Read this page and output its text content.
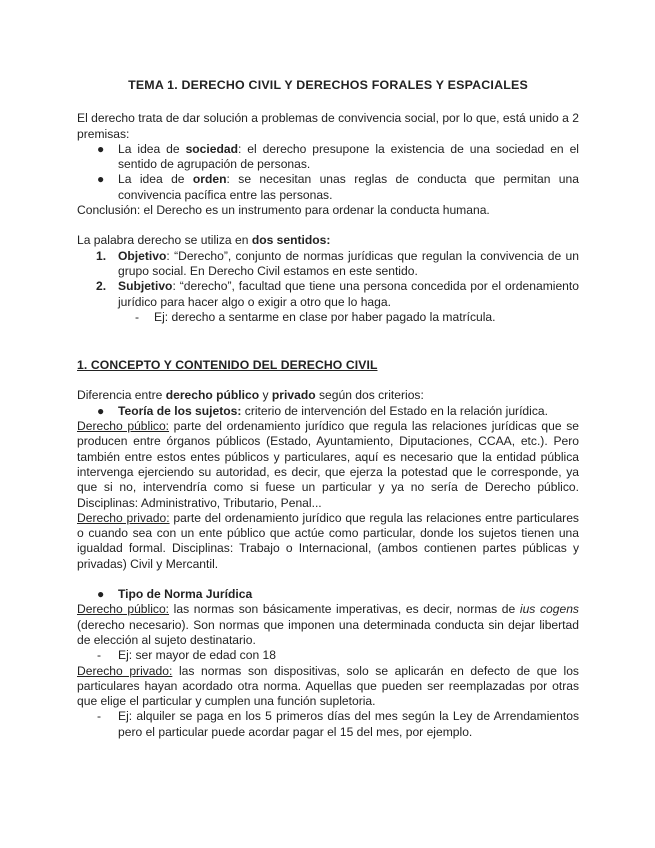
TEMA 1. DERECHO CIVIL Y DERECHOS FORALES Y ESPACIALES

El derecho trata de dar solución a problemas de convivencia social, por lo que, está unido a 2 premisas:

● La idea de sociedad: el derecho presupone la existencia de una sociedad en el sentido de agrupación de personas.
● La idea de orden: se necesitan unas reglas de conducta que permitan una convivencia pacífica entre las personas.

Conclusión: el Derecho es un instrumento para ordenar la conducta humana.

La palabra derecho se utiliza en dos sentidos:

1. Objetivo: “Derecho”, conjunto de normas jurídicas que regulan la convivencia de un grupo social. En Derecho Civil estamos en este sentido.
2. Subjetivo: “derecho”, facultad que tiene una persona concedida por el ordenamiento jurídico para hacer algo o exigir a otro que lo haga.
- Ej: derecho a sentarme en clase por haber pagado la matrícula.

1. CONCEPTO Y CONTENIDO DEL DERECHO CIVIL

Diferencia entre derecho público y privado según dos criterios:

● Teoría de los sujetos: criterio de intervención del Estado en la relación jurídica.

Derecho público: parte del ordenamiento jurídico que regula las relaciones jurídicas que se producen entre órganos públicos (Estado, Ayuntamiento, Diputaciones, CCAA, etc.). Pero también entre estos entes públicos y particulares, aquí es necesario que la entidad pública intervenga ejerciendo su autoridad, es decir, que ejerza la potestad que le corresponde, ya que si no, intervendría como si fuese un particular y ya no sería de Derecho público. Disciplinas: Administrativo, Tributario, Penal...

Derecho privado: parte del ordenamiento jurídico que regula las relaciones entre particulares o cuando sea con un ente público que actúe como particular, donde los sujetos tienen una igualdad formal. Disciplinas: Trabajo o Internacional, (ambos contienen partes públicas y privadas) Civil y Mercantil.

● Tipo de Norma Jurídica

Derecho público: las normas son básicamente imperativas, es decir, normas de ius cogens (derecho necesario). Son normas que imponen una determinada conducta sin dejar libertad de elección al sujeto destinatario.

- Ej: ser mayor de edad con 18

Derecho privado: las normas son dispositivas, solo se aplicarán en defecto de que los particulares hayan acordado otra norma. Aquellas que pueden ser reemplazadas por otras que elige el particular y cumplen una función supletoria.

- Ej: alquiler se paga en los 5 primeros días del mes según la Ley de Arrendamientos pero el particular puede acordar pagar el 15 del mes, por ejemplo.
